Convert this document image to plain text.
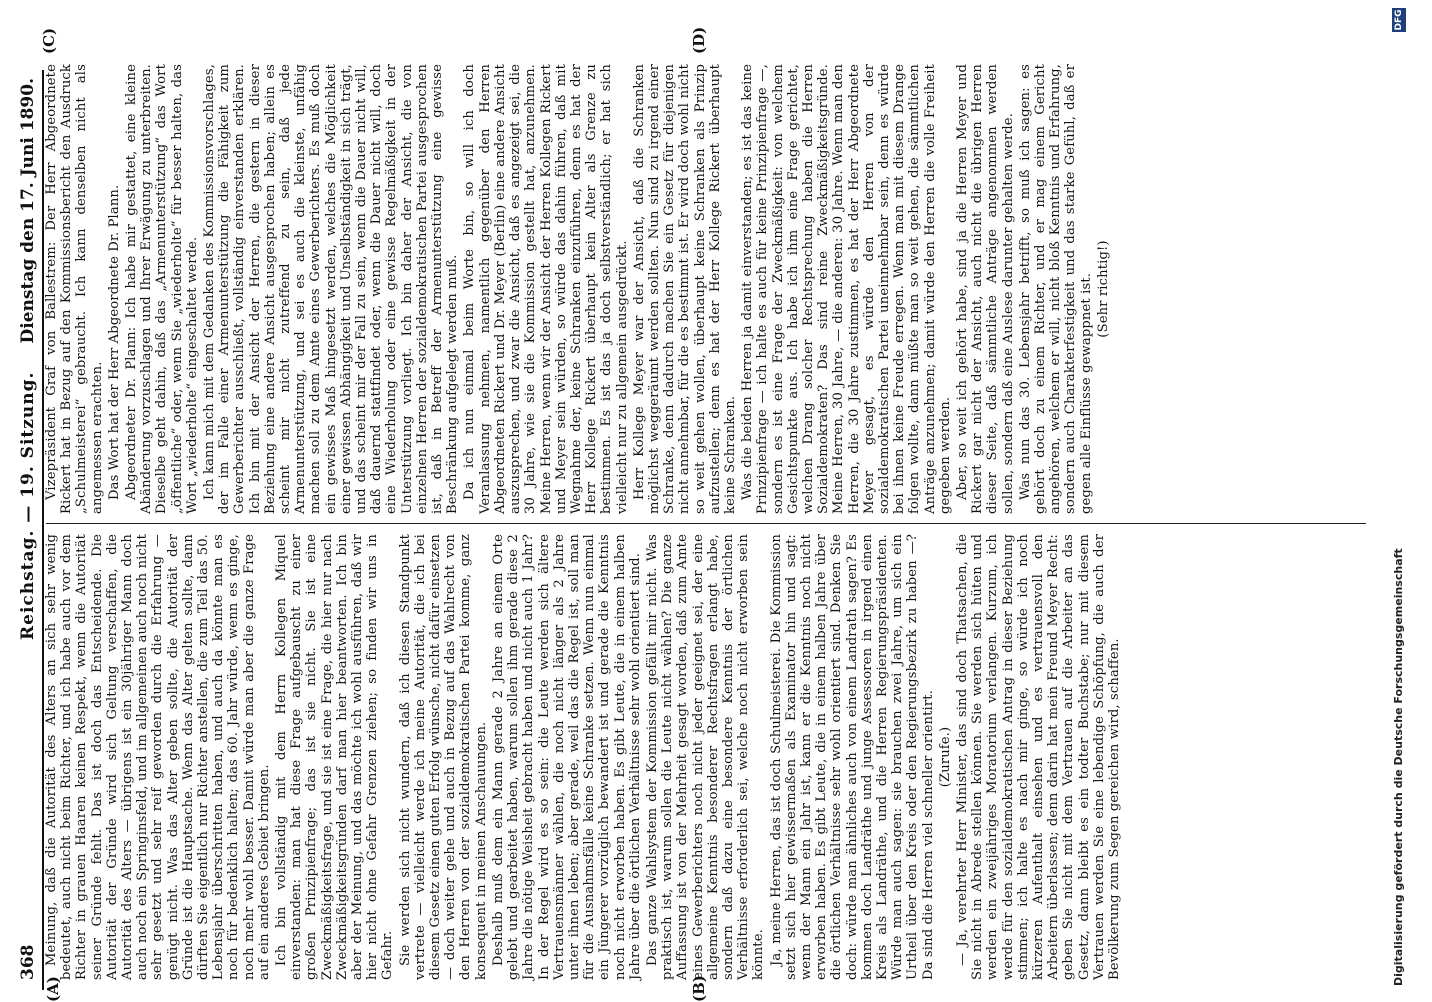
368
Reichstag. — 19. Sitzung.
Dienstag den 17. Juni 1890.
(A)	(B)
(C)	(D)

Meinung, daß die Autorität des Alters an sich sehr wenig bedeutet, auch nicht beim Richter, und ich habe auch vor dem Richter in grauen Haaren keinen Respekt, wenn die Autorität seiner Gründe fehlt. Das ist doch das Entscheidende. Die Autorität der Gründe wird sich Geltung verschaffen, die Autorität des Alters — übrigens ist ein 30jähriger Mann doch auch noch ein Springinsfeld, und im allgemeinen auch noch nicht sehr gesetzt und sehr reif geworden durch die Erfahrung — genügt nicht. Was das Alter geben sollte, die Autorität der Gründe ist die Hauptsache. Wenn das Alter gelten sollte, dann dürften Sie eigentlich nur Richter anstellen, die zum Teil das 50. Lebensjahr überschritten haben, und auch da könnte man es noch für bedenklich halten; das 60. Jahr würde, wenn es ginge, noch mehr wohl besser. Damit würde man aber die ganze Frage auf ein anderes Gebiet bringen. Ich bin vollständig mit dem Herrn Kollegen Miquel einverstanden: man hat diese Frage aufgebauscht zu einer großen Prinzipienfrage; das ist sie nicht. Sie ist eine Zweckmäßigkeitsfrage, und sie ist eine Frage, die hier nur nach Zweckmäßigkeitsgründen darf man hier beantworten. Ich bin aber der Meinung, und das möchte ich wohl ausführen, daß wir hier nicht ohne Gefahr Grenzen ziehen; so finden wir uns in Gefahr. Sie werden sich nicht wundern, daß ich diesen Standpunkt vertrete — vielleicht werde ich meine Autorität, die ich bei diesem Gesetz einen guten Erfolg wünsche, nicht dafür einsetzen — doch weiter gehe und auch in Bezug auf das Wahlrecht von den Herren von der sozialdemokratischen Partei komme, ganz konsequent in meinen Anschauungen. Deshalb muß dem ein Mann gerade 2 Jahre an einem Orte gelebt und gearbeitet haben, warum sollen ihm gerade diese 2 Jahre die nötige Weisheit gebracht haben und nicht auch 1 Jahr? In der Regel wird es so sein: die Leute werden sich ältere Vertrauensmänner wählen, die noch nicht länger als 2 Jahre unter ihnen leben; aber gerade, weil das die Regel ist, soll man für die Ausnahmsfälle keine Schranke setzen. Wenn nun einmal ein Jüngerer vorzüglich bewandert ist und gerade die Kenntnis noch nicht erworben haben. Es gibt Leute, die in einem halben Jahre über die örtlichen Verhältnisse sehr wohl orientiert sind. Das ganze Wahlsystem der Kommission gefällt mir nicht. Was praktisch ist, warum sollen die Leute nicht wählen? Die ganze Auffassung ist von der Mehrheit gesagt worden, daß zum Amte eines Gewerberichters noch nicht jeder geeignet sei, der eine allgemeine Kenntnis besonderer Rechtsfragen erlangt habe, sondern daß dazu eine besondere Kenntnis der örtlichen Verhältnisse erforderlich sei, welche noch nicht erworben sein könnte. Ja, meine Herren, das ist doch Schulmeisterei. Die Kommission setzt sich hier gewissermaßen als Examinator hin und sagt: wenn der Mann ein Jahr ist, kann er die Kenntnis noch nicht erworben haben. Es gibt Leute, die in einem halben Jahre über die örtlichen Verhältnisse sehr wohl orientiert sind. Denken Sie doch: würde man ähnliches auch von einem Landrath sagen? Es kommen doch Landräthe und junge Assessoren in irgend einen Kreis als Landräthe, und die Herren Regierungspräsidenten. Würde man auch sagen: sie brauchen zwei Jahre, um sich ein Urtheil über den Kreis oder den Regierungsbezirk zu haben —? Da sind die Herren viel schneller orientirt. (Zurufe.) — Ja, verehrter Herr Minister, das sind doch Thatsachen, die Sie nicht in Abrede stellen können. Sie werden sich hüten und werden ein zweijähriges Moratorium verlangen. Kurzum, ich werde für den sozialdemokratischen Antrag in dieser Beziehung stimmen; ich halte es nach mir ginge, so würde ich noch kürzeren Aufenthalt einsehen und es vertrauensvoll den Arbeitern überlassen; denn darin hat mein Freund Meyer Recht: geben Sie nicht mit dem Vertrauen auf die Arbeiter an das Gesetz, dann bleibt es ein todter Buchstabe; nur mit diesem Vertrauen werden Sie eine lebendige Schöpfung, die auch der Bevölkerung zum Segen gereichen wird, schaffen.

Vizepräsident Graf von Ballestrem: Der Herr Abgeordnete Rickert hat in Bezug auf den Kommissionsbericht den Ausdruck „Schulmeisterei“ gebraucht. Ich kann denselben nicht als angemessen erachten. Das Wort hat der Herr Abgeordnete Dr. Plann. Abgeordneter Dr. Plann: Ich habe mir gestattet, eine kleine Abänderung vorzuschlagen und Ihrer Erwägung zu unterbreiten. Dieselbe geht dahin, daß das „Armenunterstützung“ das Wort „öffentliche“ oder, wenn Sie „wiederholte“ für besser halten, das Wort „wiederholte“ eingeschaltet werde. Ich kann mich mit dem Gedanken des Kommissionsvorschlages, der im Falle einer Armenunterstützung die Fähigkeit zum Gewerberichter ausschließt, vollständig einverstanden erklären. Ich bin mit der Ansicht der Herren, die gestern in dieser Beziehung eine andere Ansicht ausgesprochen haben; allein es scheint mir nicht zutreffend zu sein, daß jede Armenunterstützung, und sei es auch die kleinste, unfähig machen soll zu dem Amte eines Gewerberichters. Es muß doch ein gewisses Maß hingesetzt werden, welches die Möglichkeit einer gewissen Abhängigkeit und Unselbständigkeit in sich trägt, und das scheint mir der Fall zu sein, wenn die Dauer nicht will, daß dauernd stattfindet oder, wenn die Dauer nicht will, doch eine Wiederholung oder eine gewisse Regelmäßigkeit in der Unterstützung vorliegt. Ich bin daher der Ansicht, die von einzelnen Herren der sozialdemokratischen Partei ausgesprochen ist, daß in Betreff der Armenunterstützung eine gewisse Beschränkung aufgelegt werden muß. Da ich nun einmal beim Worte bin, so will ich doch Veranlassung nehmen, namentlich gegenüber den Herren Abgeordneten Rickert und Dr. Meyer (Berlin) eine andere Ansicht auszusprechen, und zwar die Ansicht, daß es angezeigt sei, die 30 Jahre, wie sie die Kommission gestellt hat, anzunehmen. Meine Herren, wenn wir der Ansicht der Herren Kollegen Rickert und Meyer sein würden, so würde das dahin führen, daß mit Wegnahme der, keine Schranken einzuführen, denn es hat der Herr Kollege Rickert überhaupt kein Alter als Grenze zu bestimmen. Es ist das ja doch selbstverständlich; er hat sich vielleicht nur zu allgemein ausgedrückt. Herr Kollege Meyer war der Ansicht, daß die Schranken möglichst weggeräumt werden sollten. Nun sind zu irgend einer Schranke, denn dadurch machen Sie ein Gesetz für diejenigen nicht annehmbar, für die es bestimmt ist. Er wird doch wohl nicht so weit gehen wollen, überhaupt keine Schranken als Prinzip aufzustellen; denn es hat der Herr Kollege Rickert überhaupt keine Schranken. Was die beiden Herren ja damit einverstanden; es ist das keine Prinzipienfrage — ich halte es auch für keine Prinzipienfrage —, sondern es ist eine Frage der Zweckmäßigkeit: von welchem Gesichtspunkte aus. Ich habe ich ihm eine Frage gerichtet, welchen Drang solcher Rechtsprechung haben die Herren Sozialdemokraten? Das sind reine Zweckmäßigkeitsgründe. Meine Herren, 30 Jahre, — die anderen: 30 Jahre. Wenn man den Herren, die 30 Jahre zustimmen, es hat der Herr Abgeordnete Meyer gesagt, es würde den Herren von der sozialdemokratischen Partei uneinnehmbar sein, denn es würde bei ihnen keine Freude erregen. Wenn man mit diesem Drange folgen wollte, dann müßte man so weit gehen, die sämmtlichen Anträge anzunehmen; damit würde den Herren die volle Freiheit gegeben werden. Aber, so weit ich gehört habe, sind ja die Herren Meyer und Rickert gar nicht der Ansicht, auch nicht die übrigen Herren dieser Seite, daß sämmtliche Anträge angenommen werden sollen, sondern daß eine Auslese darunter gehalten werde. Was nun das 30. Lebensjahr betrifft, so muß ich sagen: es gehört doch zu einem Richter, und er mag einem Gericht angehören, welchem er will, nicht bloß Kenntnis und Erfahrung, sondern auch Charakterfestigkeit und das starke Gefühl, daß er gegen alle Einflüsse gewappnet ist. (Sehr richtig!)

Digitalisierung gefördert durch die Deutsche Forschungsgemeinschaft
DFG
